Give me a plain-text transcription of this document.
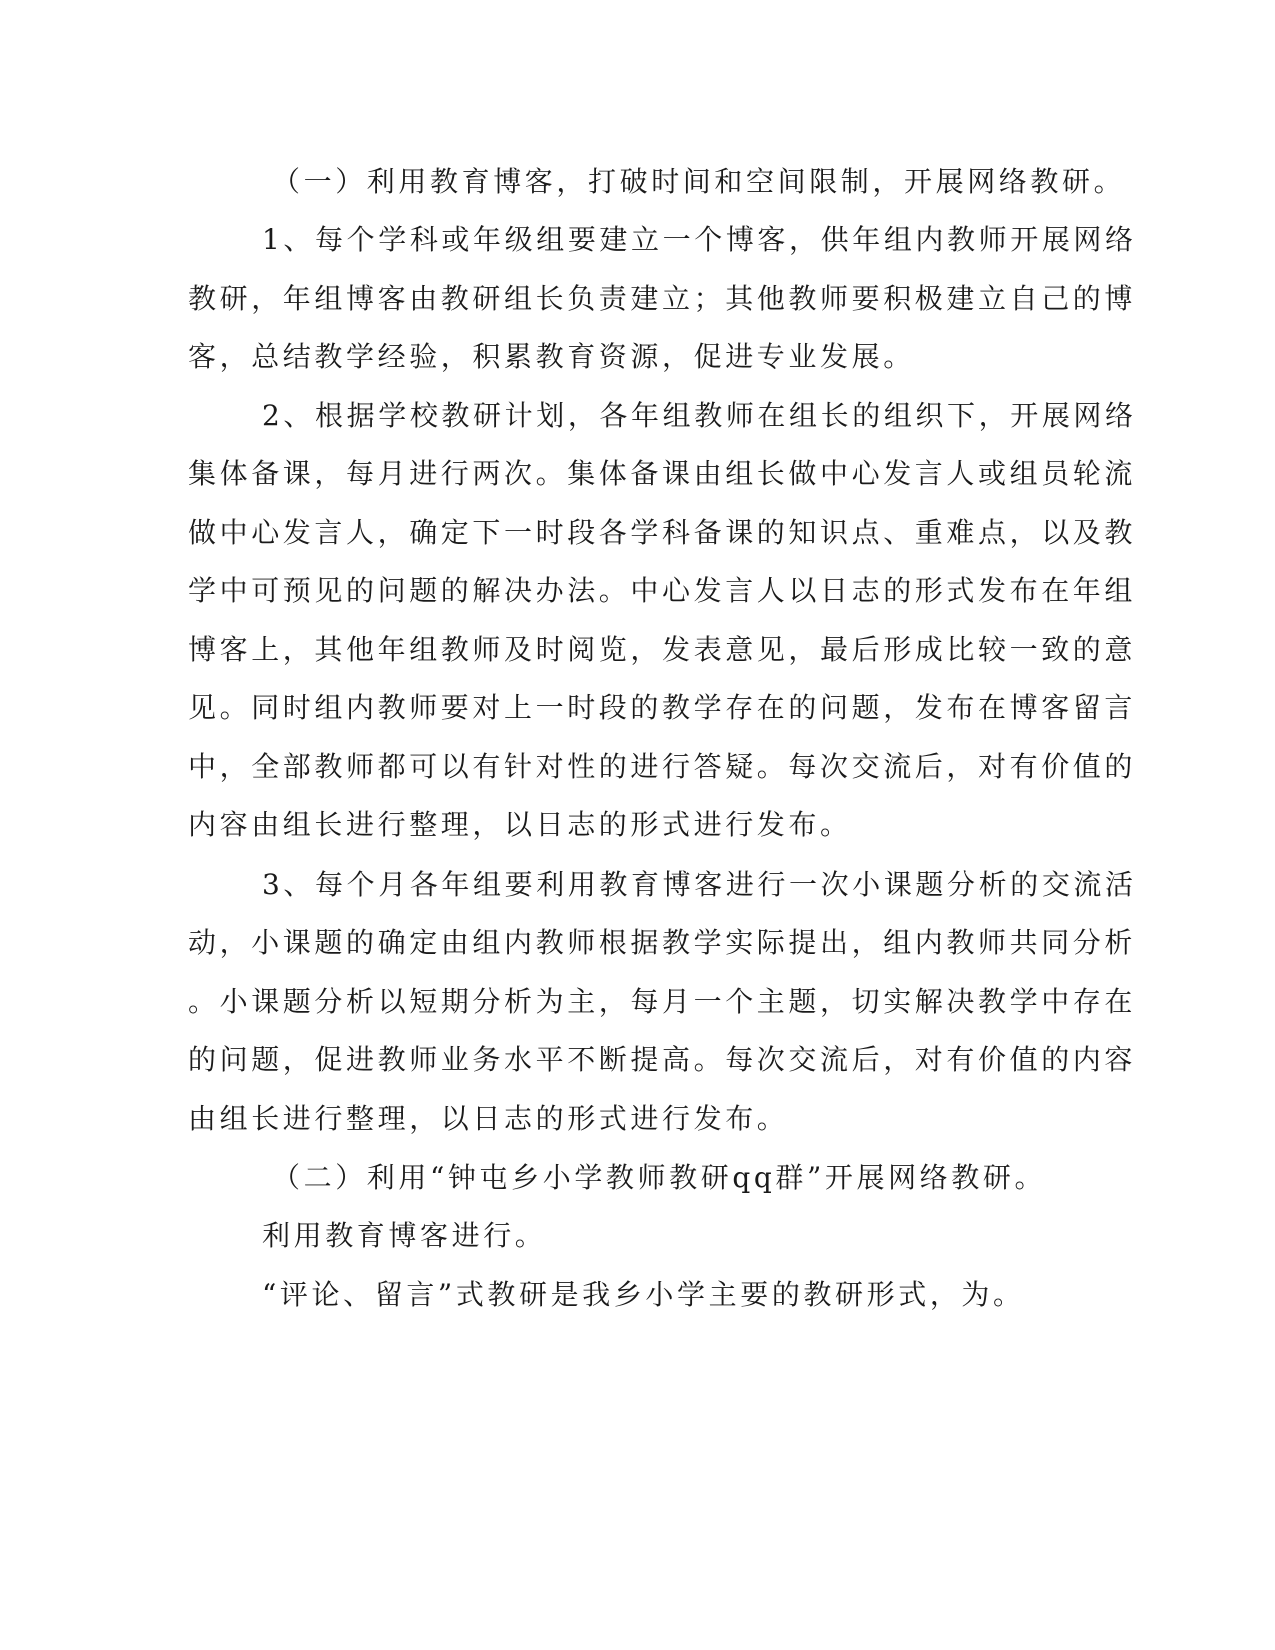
（一）利用教育博客，打破时间和空间限制，开展网络教研。
1、每个学科或年级组要建立一个博客，供年组内教师开展网络
教研，年组博客由教研组长负责建立；其他教师要积极建立自己的博
客，总结教学经验，积累教育资源，促进专业发展。
2、根据学校教研计划，各年组教师在组长的组织下，开展网络
集体备课，每月进行两次。集体备课由组长做中心发言人或组员轮流
做中心发言人，确定下一时段各学科备课的知识点、重难点，以及教
学中可预见的问题的解决办法。中心发言人以日志的形式发布在年组
博客上，其他年组教师及时阅览，发表意见，最后形成比较一致的意
见。同时组内教师要对上一时段的教学存在的问题，发布在博客留言
中，全部教师都可以有针对性的进行答疑。每次交流后，对有价值的
内容由组长进行整理，以日志的形式进行发布。
3、每个月各年组要利用教育博客进行一次小课题分析的交流活
动，小课题的确定由组内教师根据教学实际提出，组内教师共同分析
。小课题分析以短期分析为主，每月一个主题，切实解决教学中存在
的问题，促进教师业务水平不断提高。每次交流后，对有价值的内容
由组长进行整理，以日志的形式进行发布。
（二）利用“钟屯乡小学教师教研qq群”开展网络教研。
利用教育博客进行。
“评论、留言”式教研是我乡小学主要的教研形式，为。
